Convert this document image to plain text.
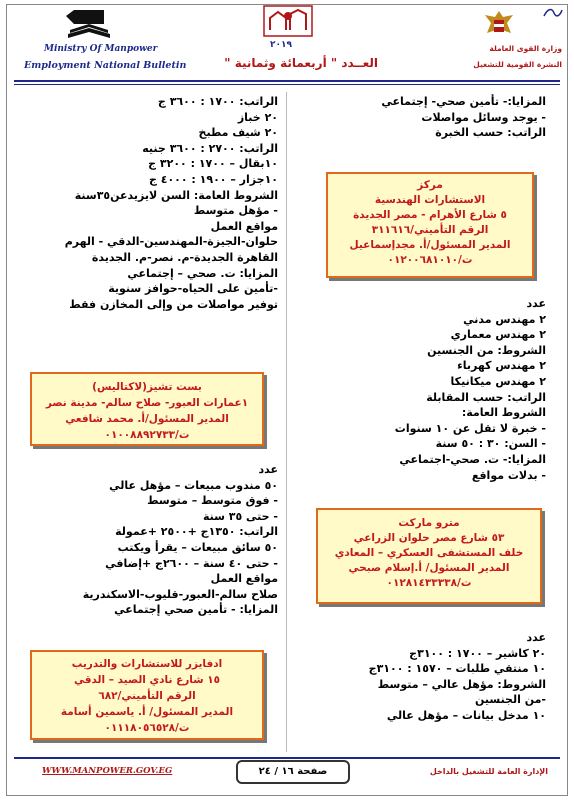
Ministry Of Manpower
Employment National Bulletin
٢٠١٩
العــدد " أربعمائة وثمانية "
وزارة القوى العاملة
النشرة القومية للتشغيل
المزايا:- تأمين صحي- إجتماعي
- يوجد وسائل مواصلات
الراتب: حسب الخبرة
مركز
الاستشارات الهندسية
٥ شارع الأهرام - مصر الجديدة
الرقم التأميني/٣١١٦١٦
المدير المسئول/أ. مجدإسماعيل
ت/٠١٢٠٠٦٨١٠١٠
عدد
٢ مهندس مدني
٢ مهندس معماري
الشروط: من الجنسين
٢ مهندس كهرباء
٢ مهندس ميكانيكا
الراتب: حسب المقابلة
الشروط العامة:
- خبرة لا تقل عن ١٠ سنوات
- السن: ٣٠ : ٥٠ سنة
المزايا:- ت. صحي-اجتماعي
- بدلات مواقع
مترو ماركت
٥٣ شارع مصر حلوان الزراعي
خلف المستشفى العسكري – المعادي
المدير المسئول/ أ.إسلام صبحي
ت/٠١٢٨١٤٣٣٣٣٨
عدد
٢٠ كاشير – ١٧٠٠ : ٣١٠٠ج
١٠ منتقي طلبات – ١٥٧٠ : ٣١٠٠ج
الشروط: مؤهل عالي – متوسط
-من الجنسين
١٠ مدخل بيانات – مؤهل عالي
الراتب: ١٧٠٠ : ٣٦٠٠ ج
٢٠ خباز
٢٠ شيف مطبخ
الراتب: ٢٧٠٠ : ٣٦٠٠ جنيه
١٠بقال – ١٧٠٠ : ٣٢٠٠ ج
١٠جزار – ١٩٠٠ : ٤٠٠٠ ج
الشروط العامة: السن لايزيدعن٣٥سنة
- مؤهل متوسط
مواقع العمل
حلوان-الجيزة-المهندسين-الدقي - الهرم
القاهرة الجديدة-م. نصر-م. الجديدة
المزايا: ت. صحي – إجتماعي
-تأمين على الحياه-حوافز سنوية
توفير مواصلات من وإلى المخازن فقط
بست تشيز(لاكتاليس)
١عمارات العبور- صلاح سالم- مدينة نصر
المدير المسئول/أ. محمد شافعي
ت/٠١٠٠٨٨٩٢٧٣٣
عدد
٥٠ مندوب مبيعات – مؤهل عالي
- فوق متوسط – متوسط
- حتى ٣٥ سنة
الراتب: ١٣٥٠ج +٢٥٠٠ +عمولة
٥٠ سائق مبيعات – يقرأ ويكتب
- حتى ٤٠ سنة – ٢٦٠٠ج +إضافي
مواقع العمل
صلاح سالم-العبور-قليوب-الاسكندرية
المزايا: - تأمين صحي إجتماعي
ادفايزر للاستشارات والتدريب
١٥ شارع نادي الصيد – الدقي
الرقم التأميني/٦٨٢
المدير المسئول/ أ. ياسمين أسامة
ت/٠١١١٨٠٥٦٥٢٨
WWW.MANPOWER.GOV.EG	صفحة ١٦ / ٢٤	الإدارة العامة للتشغيل بالداخل
